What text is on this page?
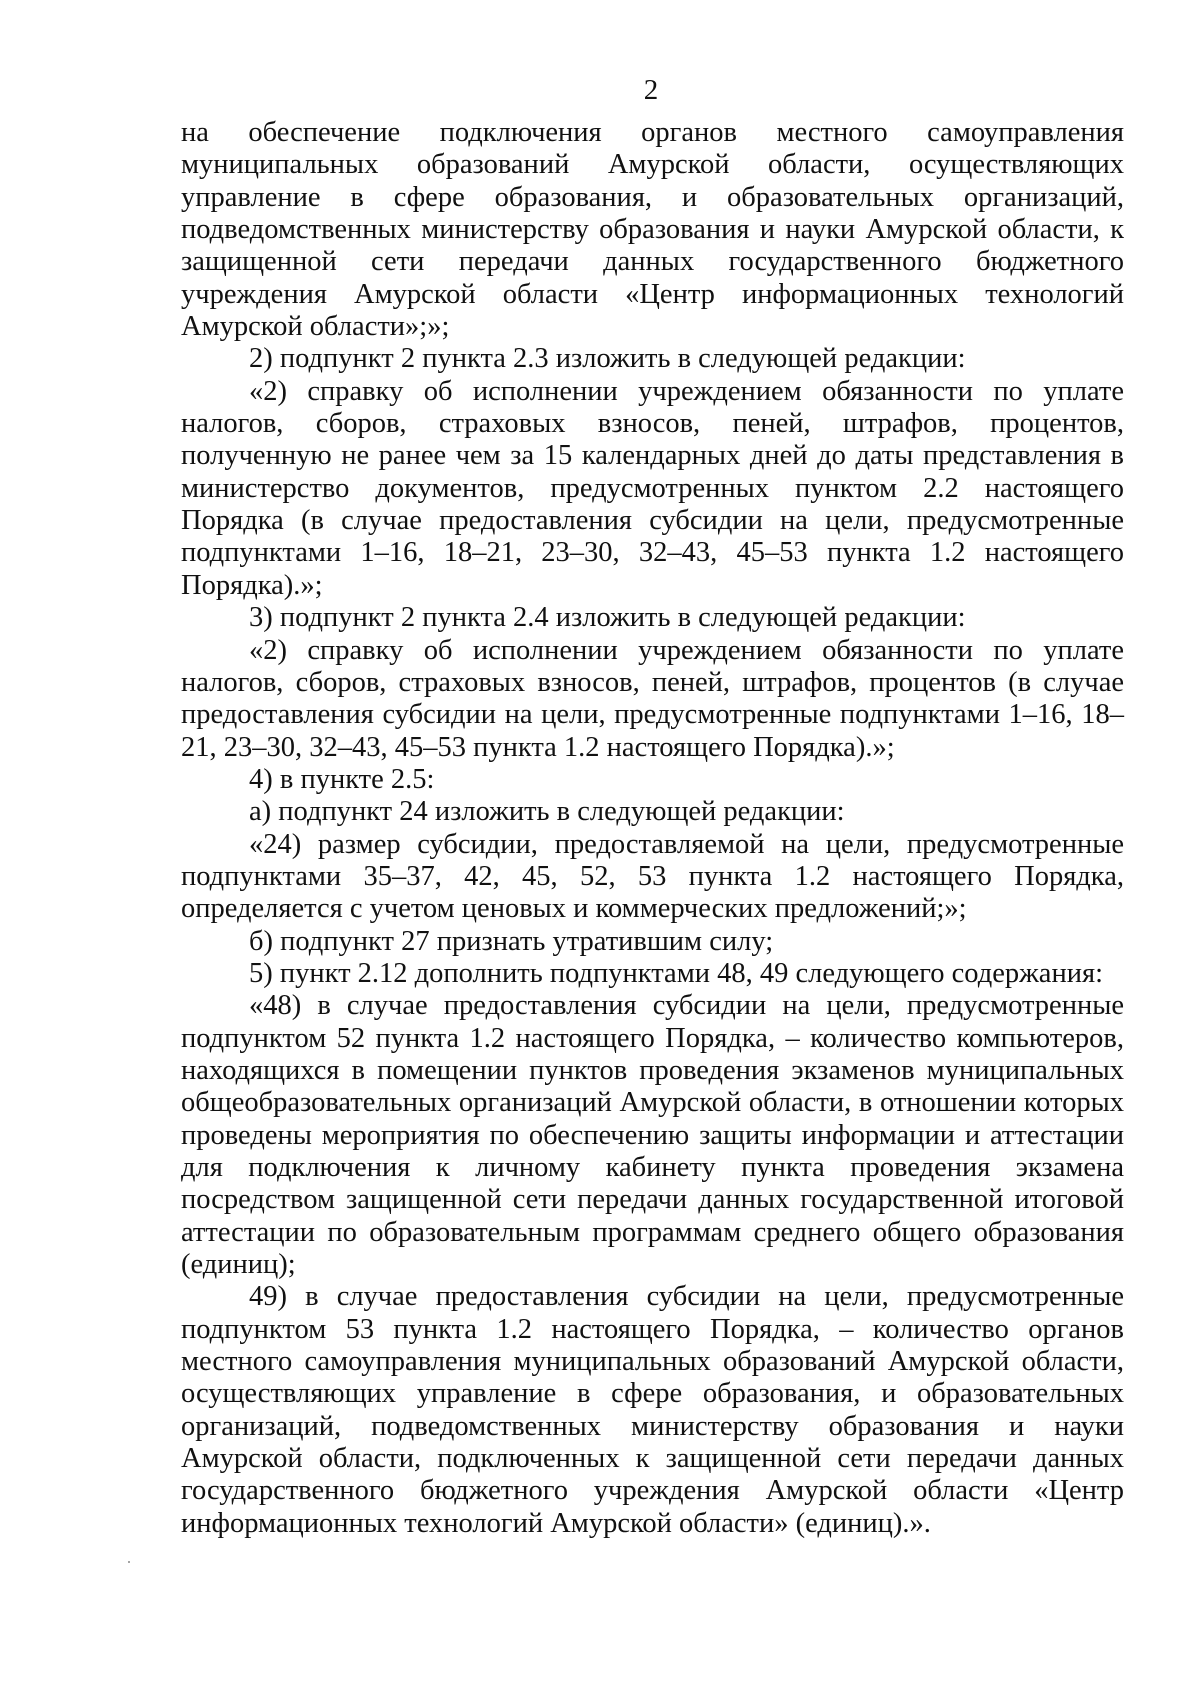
2

на обеспечение подключения органов местного самоуправления муниципальных образований Амурской области, осуществляющих управление в сфере образования, и образовательных организаций, подведомственных министерству образования и науки Амурской области, к защищенной сети передачи данных государственного бюджетного учреждения Амурской области «Центр информационных технологий Амурской области»;»;

2) подпункт 2 пункта 2.3 изложить в следующей редакции:

«2) справку об исполнении учреждением обязанности по уплате налогов, сборов, страховых взносов, пеней, штрафов, процентов, полученную не ранее чем за 15 календарных дней до даты представления в министерство документов, предусмотренных пунктом 2.2 настоящего Порядка (в случае предоставления субсидии на цели, предусмотренные подпунктами 1–16, 18–21, 23–30, 32–43, 45–53 пункта 1.2 настоящего Порядка).»;

3) подпункт 2 пункта 2.4 изложить в следующей редакции:

«2) справку об исполнении учреждением обязанности по уплате налогов, сборов, страховых взносов, пеней, штрафов, процентов (в случае предоставления субсидии на цели, предусмотренные подпунктами 1–16, 18–21, 23–30, 32–43, 45–53 пункта 1.2 настоящего Порядка).»;

4) в пункте 2.5:

а) подпункт 24 изложить в следующей редакции:

«24) размер субсидии, предоставляемой на цели, предусмотренные подпунктами 35–37, 42, 45, 52, 53 пункта 1.2 настоящего Порядка, определяется с учетом ценовых и коммерческих предложений;»;

б) подпункт 27 признать утратившим силу;

5) пункт 2.12 дополнить подпунктами 48, 49 следующего содержания:

«48) в случае предоставления субсидии на цели, предусмотренные подпунктом 52 пункта 1.2 настоящего Порядка, – количество компьютеров, находящихся в помещении пунктов проведения экзаменов муниципальных общеобразовательных организаций Амурской области, в отношении которых проведены мероприятия по обеспечению защиты информации и аттестации для подключения к личному кабинету пункта проведения экзамена посредством защищенной сети передачи данных государственной итоговой аттестации по образовательным программам среднего общего образования (единиц);

49) в случае предоставления субсидии на цели, предусмотренные подпунктом 53 пункта 1.2 настоящего Порядка, – количество органов местного самоуправления муниципальных образований Амурской области, осуществляющих управление в сфере образования, и образовательных организаций, подведомственных министерству образования и науки Амурской области, подключенных к защищенной сети передачи данных государственного бюджетного учреждения Амурской области «Центр информационных технологий Амурской области» (единиц).».
